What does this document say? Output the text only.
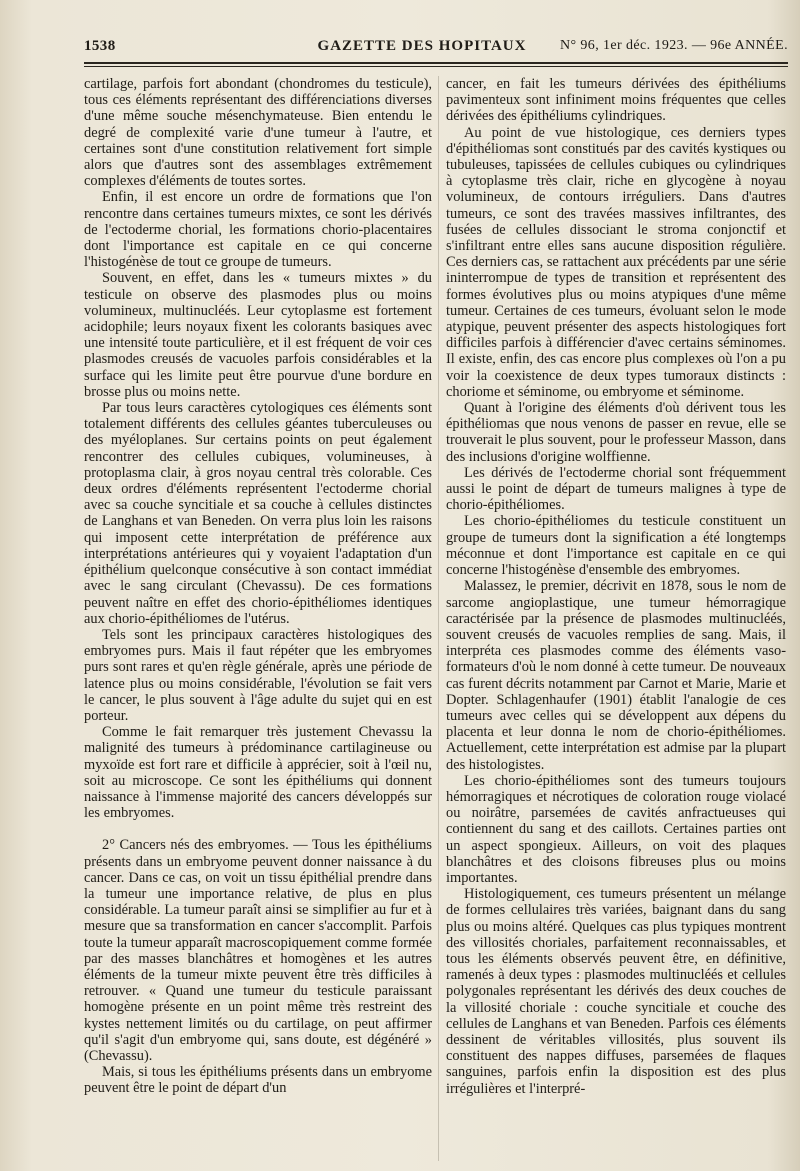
1538	GAZETTE DES HOPITAUX	N° 96, 1er déc. 1923. — 96e ANNÉE.

cartilage, parfois fort abondant (chondromes du testicule), tous ces éléments représentant des différenciations diverses d'une même souche mésenchymateuse. Bien entendu le degré de complexité varie d'une tumeur à l'autre, et certaines sont d'une constitution relativement fort simple alors que d'autres sont des assemblages extrêmement complexes d'éléments de toutes sortes.

Enfin, il est encore un ordre de formations que l'on rencontre dans certaines tumeurs mixtes, ce sont les dérivés de l'ectoderme chorial, les formations chorio-placentaires dont l'importance est capitale en ce qui concerne l'histogénèse de tout ce groupe de tumeurs.

Souvent, en effet, dans les « tumeurs mixtes » du testicule on observe des plasmodes plus ou moins volumineux, multinucléés. Leur cytoplasme est fortement acidophile; leurs noyaux fixent les colorants basiques avec une intensité toute particulière, et il est fréquent de voir ces plasmodes creusés de vacuoles parfois considérables et la surface qui les limite peut être pourvue d'une bordure en brosse plus ou moins nette.

Par tous leurs caractères cytologiques ces éléments sont totalement différents des cellules géantes tuberculeuses ou des myéloplanes. Sur certains points on peut également rencontrer des cellules cubiques, volumineuses, à protoplasma clair, à gros noyau central très colorable. Ces deux ordres d'éléments représentent l'ectoderme chorial avec sa couche syncitiale et sa couche à cellules distinctes de Langhans et van Beneden. On verra plus loin les raisons qui imposent cette interprétation de préférence aux interprétations antérieures qui y voyaient l'adaptation d'un épithélium quelconque consécutive à son contact immédiat avec le sang circulant (Chevassu). De ces formations peuvent naître en effet des chorio-épithéliomes identiques aux chorio-épithéliomes de l'utérus.

Tels sont les principaux caractères histologiques des embryomes purs. Mais il faut répéter que les embryomes purs sont rares et qu'en règle générale, après une période de latence plus ou moins considérable, l'évolution se fait vers le cancer, le plus souvent à l'âge adulte du sujet qui en est porteur.

Comme le fait remarquer très justement Chevassu la malignité des tumeurs à prédominance cartilagineuse ou myxoïde est fort rare et difficile à apprécier, soit à l'œil nu, soit au microscope. Ce sont les épithéliums qui donnent naissance à l'immense majorité des cancers développés sur les embryomes.

2° Cancers nés des embryomes. — Tous les épithéliums présents dans un embryome peuvent donner naissance à du cancer. Dans ce cas, on voit un tissu épithélial prendre dans la tumeur une importance relative, de plus en plus considérable. La tumeur paraît ainsi se simplifier au fur et à mesure que sa transformation en cancer s'accomplit. Parfois toute la tumeur apparaît macroscopiquement comme formée par des masses blanchâtres et homogènes et les autres éléments de la tumeur mixte peuvent être très difficiles à retrouver. « Quand une tumeur du testicule paraissant homogène présente en un point même très restreint des kystes nettement limités ou du cartilage, on peut affirmer qu'il s'agit d'un embryome qui, sans doute, est dégénéré » (Chevassu).

Mais, si tous les épithéliums présents dans un embryome peuvent être le point de départ d'un

cancer, en fait les tumeurs dérivées des épithéliums pavimenteux sont infiniment moins fréquentes que celles dérivées des épithéliums cylindriques.

Au point de vue histologique, ces derniers types d'épithéliomas sont constitués par des cavités kystiques ou tubuleuses, tapissées de cellules cubiques ou cylindriques à cytoplasme très clair, riche en glycogène à noyau volumineux, de contours irréguliers. Dans d'autres tumeurs, ce sont des travées massives infiltrantes, des fusées de cellules dissociant le stroma conjonctif et s'infiltrant entre elles sans aucune disposition régulière. Ces derniers cas, se rattachent aux précédents par une série ininterrompue de types de transition et représentent des formes évolutives plus ou moins atypiques d'une même tumeur. Certaines de ces tumeurs, évoluant selon le mode atypique, peuvent présenter des aspects histologiques fort difficiles parfois à différencier d'avec certains séminomes. Il existe, enfin, des cas encore plus complexes où l'on a pu voir la coexistence de deux types tumoraux distincts : choriome et séminome, ou embryome et séminome.

Quant à l'origine des éléments d'où dérivent tous les épithéliomas que nous venons de passer en revue, elle se trouverait le plus souvent, pour le professeur Masson, dans des inclusions d'origine wolffienne.

Les dérivés de l'ectoderme chorial sont fréquemment aussi le point de départ de tumeurs malignes à type de chorio-épithéliomes.

Les chorio-épithéliomes du testicule constituent un groupe de tumeurs dont la signification a été longtemps méconnue et dont l'importance est capitale en ce qui concerne l'histogénèse d'ensemble des embryomes.

Malassez, le premier, décrivit en 1878, sous le nom de sarcome angioplastique, une tumeur hémorragique caractérisée par la présence de plasmodes multinucléés, souvent creusés de vacuoles remplies de sang. Mais, il interpréta ces plasmodes comme des éléments vaso-formateurs d'où le nom donné à cette tumeur. De nouveaux cas furent décrits notamment par Carnot et Marie, Marie et Dopter. Schlagenhaufer (1901) établit l'analogie de ces tumeurs avec celles qui se développent aux dépens du placenta et leur donna le nom de chorio-épithéliomes. Actuellement, cette interprétation est admise par la plupart des histologistes.

Les chorio-épithéliomes sont des tumeurs toujours hémorragiques et nécrotiques de coloration rouge violacé ou noirâtre, parsemées de cavités anfractueuses qui contiennent du sang et des caillots. Certaines parties ont un aspect spongieux. Ailleurs, on voit des plaques blanchâtres et des cloisons fibreuses plus ou moins importantes.

Histologiquement, ces tumeurs présentent un mélange de formes cellulaires très variées, baignant dans du sang plus ou moins altéré. Quelques cas plus typiques montrent des villosités choriales, parfaitement reconnaissables, et tous les éléments observés peuvent être, en définitive, ramenés à deux types : plasmodes multinucléés et cellules polygonales représentant les dérivés des deux couches de la villosité choriale : couche syncitiale et couche des cellules de Langhans et van Beneden. Parfois ces éléments dessinent de véritables villosités, plus souvent ils constituent des nappes diffuses, parsemées de flaques sanguines, parfois enfin la disposition est des plus irrégulières et l'interpré-
